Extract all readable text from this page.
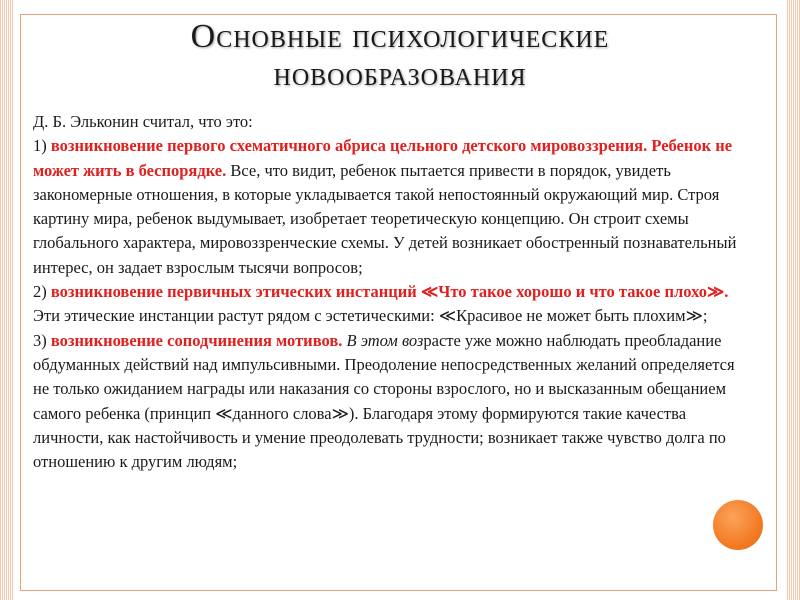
Основные психологические
новообразования

Д. Б. Эльконин считал, что это:

1) возникновение первого схематичного абриса цельного детского мировоззрения. Ребенок не может жить в беспорядке. Все, что видит, ребенок пытается привести в порядок, увидеть закономерные отношения, в которые укладывается такой непостоянный окружающий мир. Строя картину мира, ребенок выдумывает, изобретает теоретическую концепцию. Он строит схемы глобального характера, мировоззренческие схемы. У детей возникает обостренный познавательный интерес, он задает взрослым тысячи вопросов;

2) возникновение первичных этических инстанций ≪Что такое хорошо и что такое плохо≫. Эти этические инстанции растут рядом с эстетическими: ≪Красивое не может быть плохим≫;

3) возникновение соподчинения мотивов. В этом возрасте уже можно наблюдать преобладание обдуманных действий над импульсивными. Преодоление непосредственных желаний определяется не только ожиданием награды или наказания со стороны взрослого, но и высказанным обещанием самого ребенка (принцип ≪данного слова≫). Благодаря этому формируются такие качества личности, как настойчивость и умение преодолевать трудности; возникает также чувство долга по отношению к другим людям;
